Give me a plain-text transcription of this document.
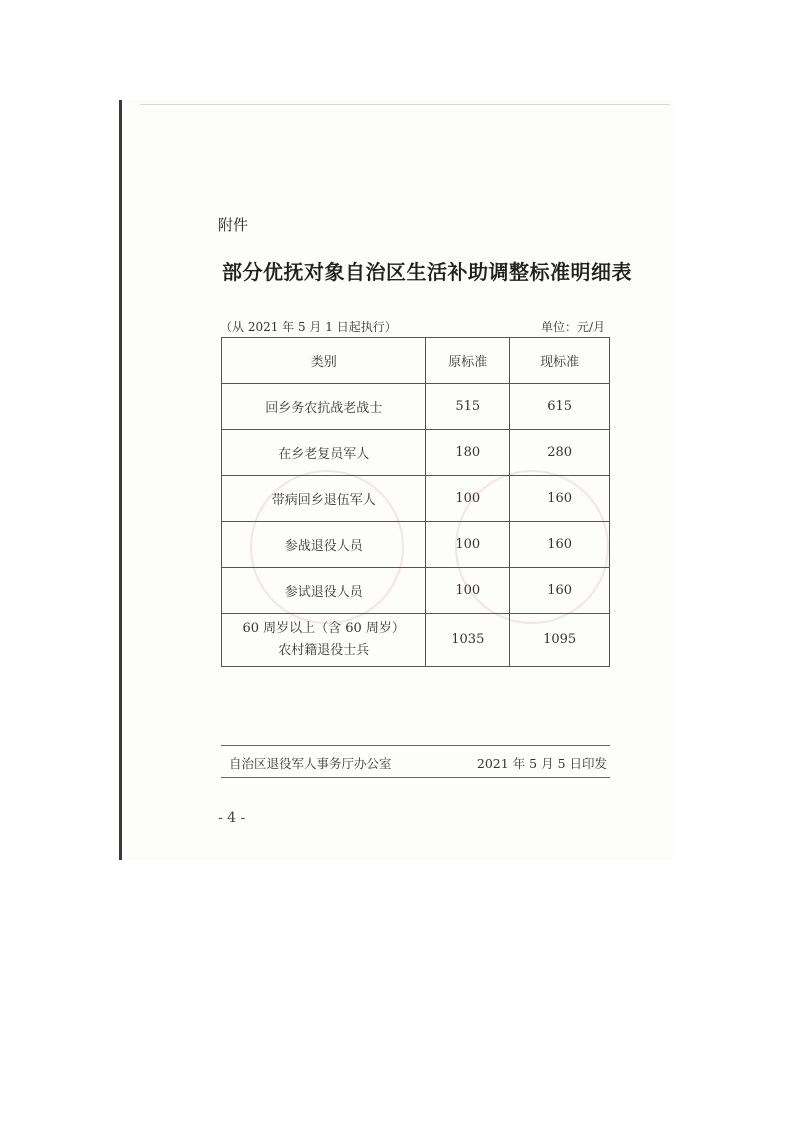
附件
部分优抚对象自治区生活补助调整标准明细表
（从 2021 年 5 月 1 日起执行）	单位：元/月
类别	原标准	现标准
回乡务农抗战老战士	515	615
在乡老复员军人	180	280
带病回乡退伍军人	100	160
参战退役人员	100	160
参试退役人员	100	160

60 周岁以上（含 60 周岁）
农村籍退役士兵	1035	1095
自治区退役军人事务厅办公室	2021 年 5 月 5 日印发
- 4 -
